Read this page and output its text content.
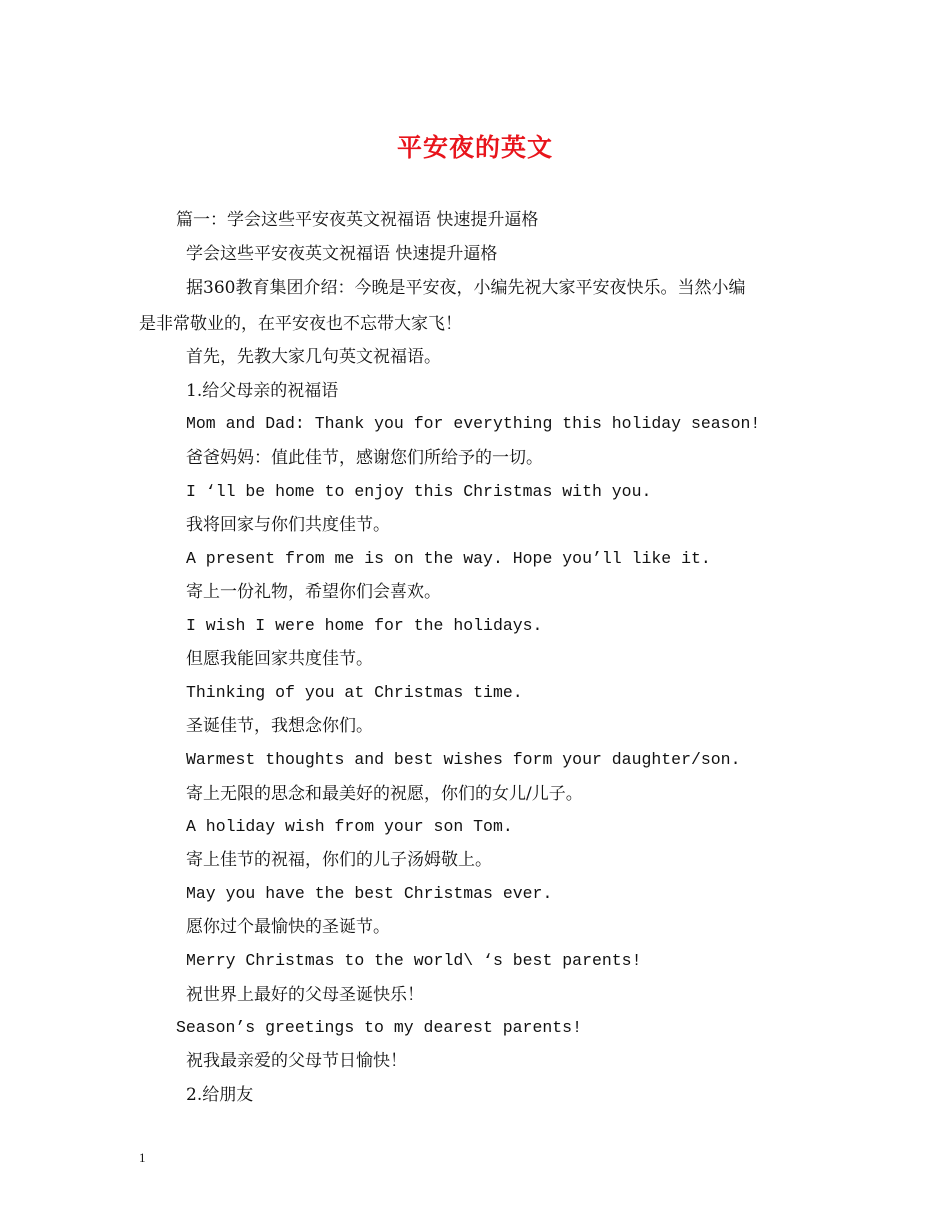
平安夜的英文
篇一：学会这些平安夜英文祝福语 快速提升逼格
学会这些平安夜英文祝福语 快速提升逼格
据360教育集团介绍：今晚是平安夜，小编先祝大家平安夜快乐。当然小编
是非常敬业的，在平安夜也不忘带大家飞！
首先，先教大家几句英文祝福语。
1.给父母亲的祝福语
Mom and Dad: Thank you for everything this holiday season!
爸爸妈妈：值此佳节，感谢您们所给予的一切。
I ‘ll be home to enjoy this Christmas with you.
我将回家与你们共度佳节。
A present from me is on the way. Hope you’ll like it.
寄上一份礼物，希望你们会喜欢。
I wish I were home for the holidays.
但愿我能回家共度佳节。
Thinking of you at Christmas time.
圣诞佳节，我想念你们。
Warmest thoughts and best wishes form your daughter/son.
寄上无限的思念和最美好的祝愿，你们的女儿/儿子。
A holiday wish from your son Tom.
寄上佳节的祝福，你们的儿子汤姆敬上。
May you have the best Christmas ever.
愿你过个最愉快的圣诞节。
Merry Christmas to the world\ ‘s best parents!
祝世界上最好的父母圣诞快乐！
Season’s greetings to my dearest parents!
祝我最亲爱的父母节日愉快！
2.给朋友
1
